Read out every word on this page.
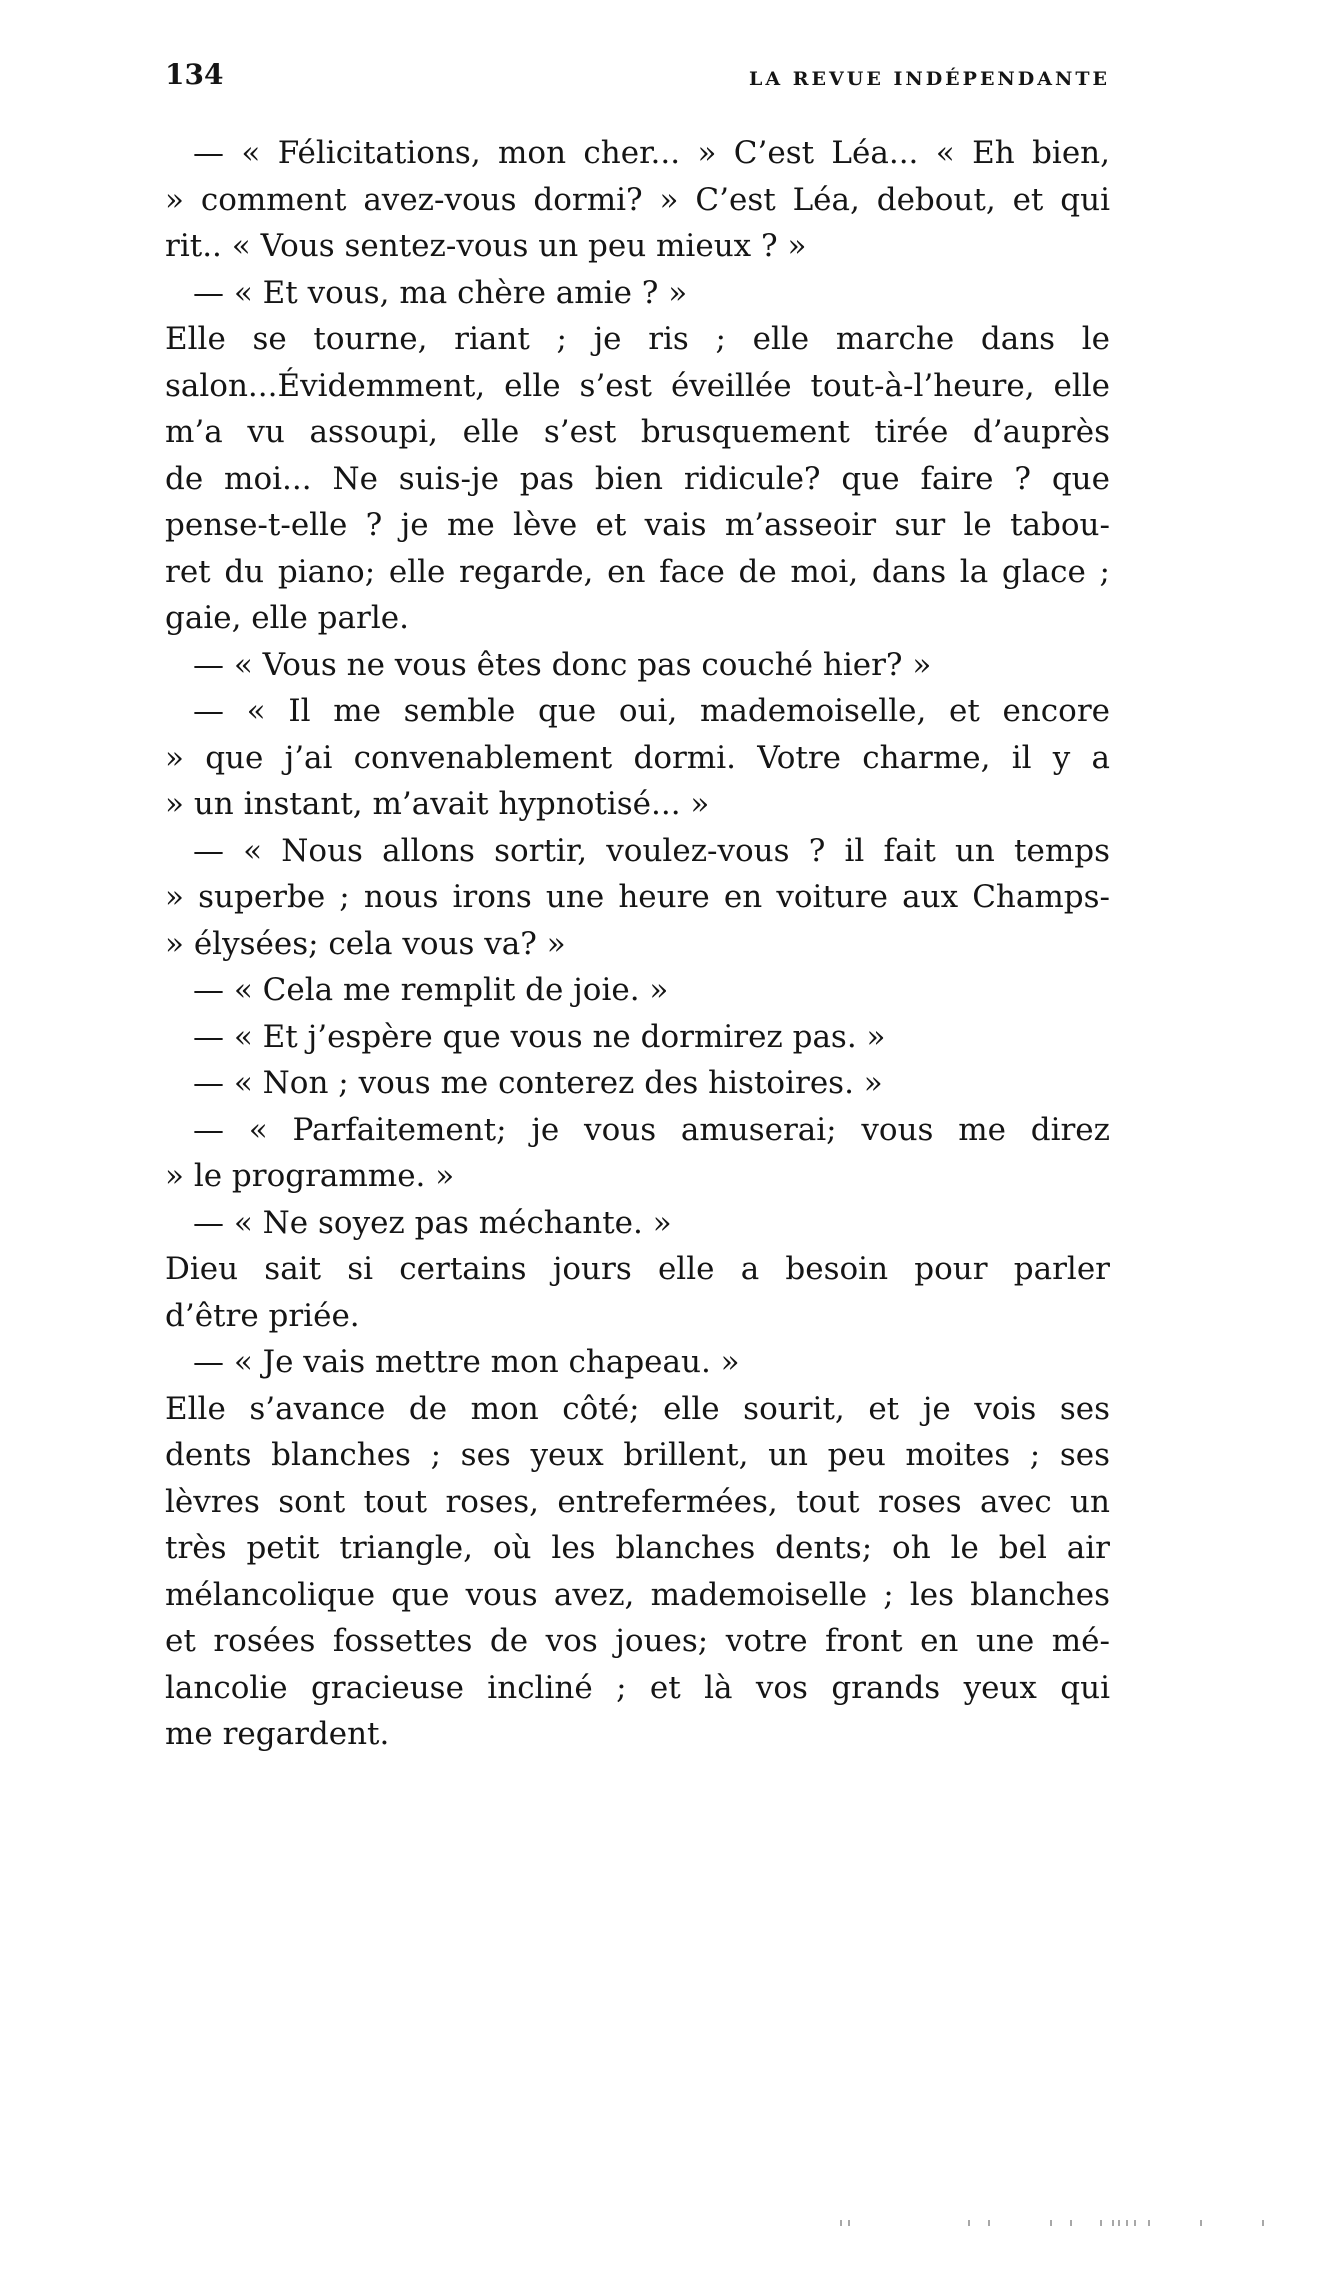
134	LA REVUE INDÉPENDANTE
— « Félicitations, mon cher... » C’est Léa... « Eh bien,
» comment avez-vous dormi? » C’est Léa, debout, et qui
rit.. « Vous sentez-vous un peu mieux ? »
— « Et vous, ma chère amie ? »
Elle se tourne, riant ; je ris ; elle marche dans le
salon...Évidemment, elle s’est éveillée tout-à-l’heure, elle
m’a vu assoupi, elle s’est brusquement tirée d’auprès
de moi... Ne suis-je pas bien ridicule? que faire ? que
pense-t-elle ? je me lève et vais m’asseoir sur le tabou-
ret du piano; elle regarde, en face de moi, dans la glace ;
gaie, elle parle.
— « Vous ne vous êtes donc pas couché hier? »
— « Il me semble que oui, mademoiselle, et encore
» que j’ai convenablement dormi. Votre charme, il y a
» un instant, m’avait hypnotisé... »
— « Nous allons sortir, voulez-vous ? il fait un temps
» superbe ; nous irons une heure en voiture aux Champs-
» élysées; cela vous va? »
— « Cela me remplit de joie. »
— « Et j’espère que vous ne dormirez pas. »
— « Non ; vous me conterez des histoires. »
— « Parfaitement; je vous amuserai; vous me direz
» le programme. »
— « Ne soyez pas méchante. »
Dieu sait si certains jours elle a besoin pour parler
d’être priée.
— « Je vais mettre mon chapeau. »
Elle s’avance de mon côté; elle sourit, et je vois ses
dents blanches ; ses yeux brillent, un peu moites ; ses
lèvres sont tout roses, entrefermées, tout roses avec un
très petit triangle, où les blanches dents; oh le bel air
mélancolique que vous avez, mademoiselle ; les blanches
et rosées fossettes de vos joues; votre front en une mé-
lancolie gracieuse incliné ; et là vos grands yeux qui
me regardent.
